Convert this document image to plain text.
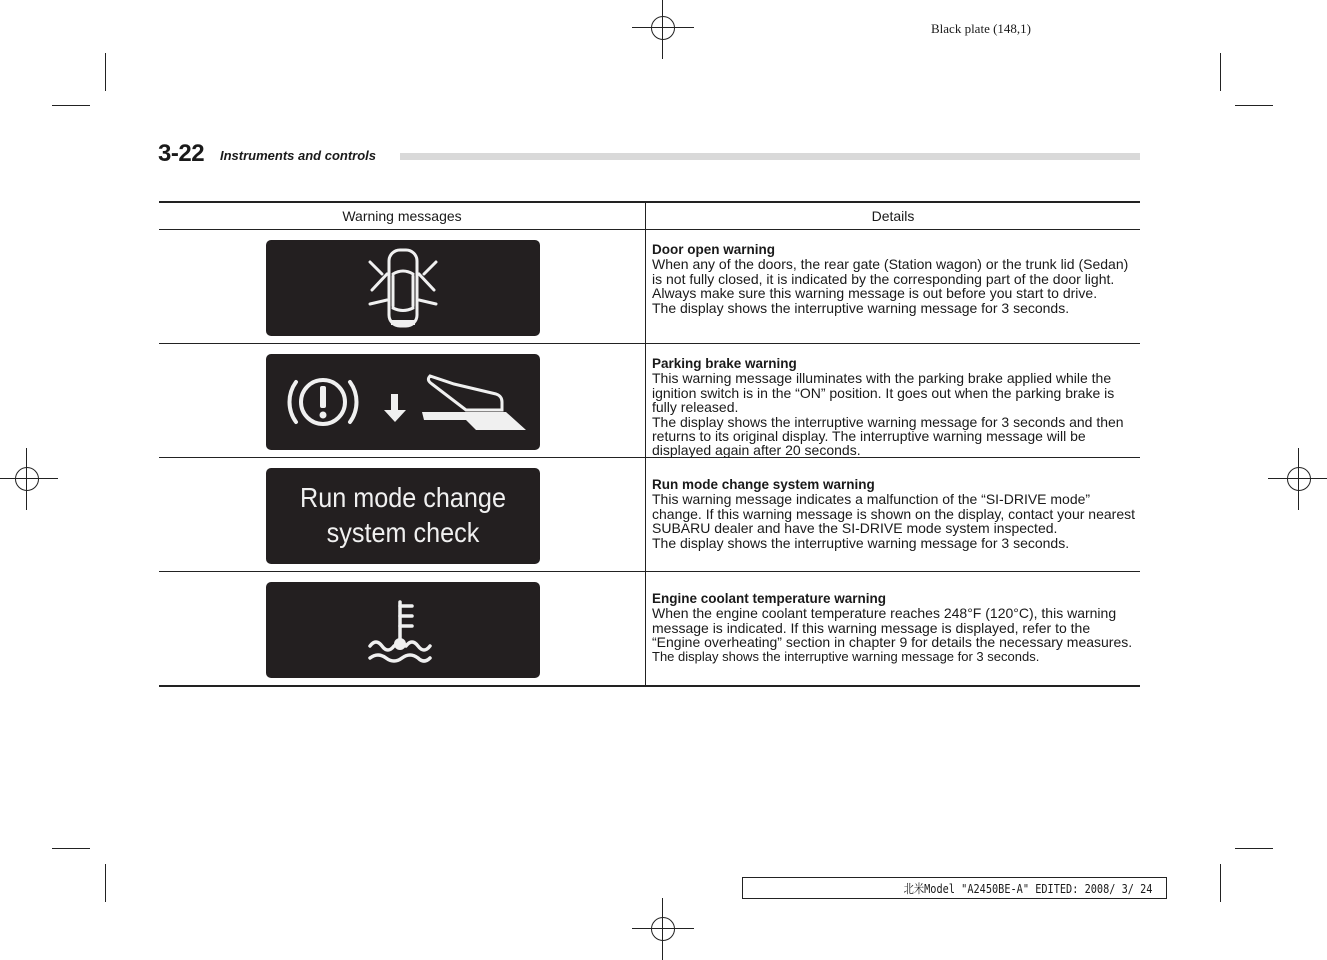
Black plate (148,1)
3-22 Instruments and controls
Warning messages	Details
Door open warning
When any of the doors, the rear gate (Station wagon) or the trunk lid (Sedan) is not fully closed, it is indicated by the corresponding part of the door light.
Always make sure this warning message is out before you start to drive.
The display shows the interruptive warning message for 3 seconds.
Parking brake warning
This warning message illuminates with the parking brake applied while the ignition switch is in the “ON” position. It goes out when the parking brake is fully released.
The display shows the interruptive warning message for 3 seconds and then returns to its original display. The interruptive warning message will be displayed again after 20 seconds.
Run mode change
system check
Run mode change system warning
This warning message indicates a malfunction of the “SI-DRIVE mode” change. If this warning message is shown on the display, contact your nearest SUBARU dealer and have the SI-DRIVE mode system inspected.
The display shows the interruptive warning message for 3 seconds.
Engine coolant temperature warning
When the engine coolant temperature reaches 248°F (120°C), this warning message is indicated. If this warning message is displayed, refer to the “Engine overheating” section in chapter 9 for details the necessary measures.
The display shows the interruptive warning message for 3 seconds.
北米Model "A2450BE-A" EDITED: 2008/ 3/ 24
